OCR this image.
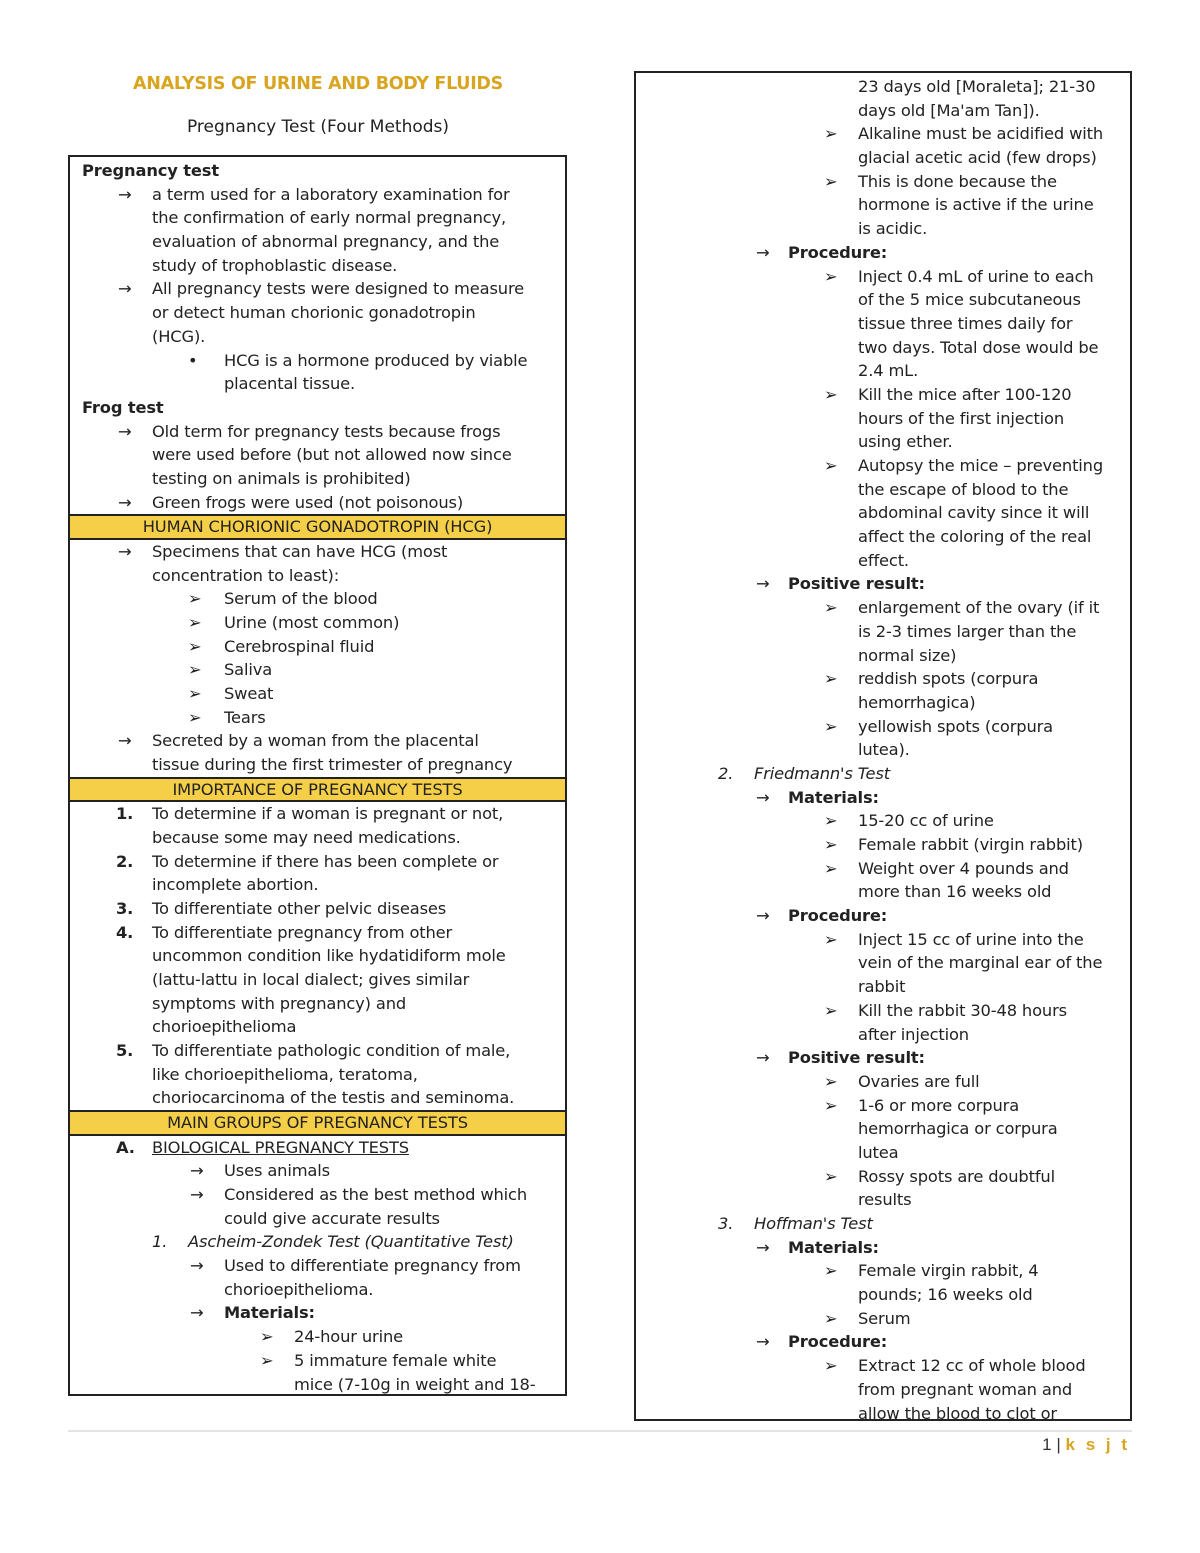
ANALYSIS OF URINE AND BODY FLUIDS
Pregnancy Test (Four Methods)
Pregnancy test
→ a term used for a laboratory examination for
the confirmation of early normal pregnancy,
evaluation of abnormal pregnancy, and the
study of trophoblastic disease.
→ All pregnancy tests were designed to measure
or detect human chorionic gonadotropin
(HCG).
• HCG is a hormone produced by viable
placental tissue.
Frog test
→ Old term for pregnancy tests because frogs
were used before (but not allowed now since
testing on animals is prohibited)
→ Green frogs were used (not poisonous)
HUMAN CHORIONIC GONADOTROPIN (HCG)
→ Specimens that can have HCG (most
concentration to least):
➢ Serum of the blood
➢ Urine (most common)
➢ Cerebrospinal fluid
➢ Saliva
➢ Sweat
➢ Tears
→ Secreted by a woman from the placental
tissue during the first trimester of pregnancy
IMPORTANCE OF PREGNANCY TESTS
1. To determine if a woman is pregnant or not,
because some may need medications.
2. To determine if there has been complete or
incomplete abortion.
3. To differentiate other pelvic diseases
4. To differentiate pregnancy from other
uncommon condition like hydatidiform mole
(lattu-lattu in local dialect; gives similar
symptoms with pregnancy) and
chorioepithelioma
5. To differentiate pathologic condition of male,
like chorioepithelioma, teratoma,
choriocarcinoma of the testis and seminoma.
MAIN GROUPS OF PREGNANCY TESTS
A. BIOLOGICAL PREGNANCY TESTS
→ Uses animals
→ Considered as the best method which
could give accurate results
1. Ascheim-Zondek Test (Quantitative Test)
→ Used to differentiate pregnancy from
chorioepithelioma.
→ Materials:
➢ 24-hour urine
➢ 5 immature female white
mice (7-10g in weight and 18-
23 days old [Moraleta]; 21-30
days old [Ma'am Tan]).
➢ Alkaline must be acidified with
glacial acetic acid (few drops)
➢ This is done because the
hormone is active if the urine
is acidic.
→ Procedure:
➢ Inject 0.4 mL of urine to each
of the 5 mice subcutaneous
tissue three times daily for
two days. Total dose would be
2.4 mL.
➢ Kill the mice after 100-120
hours of the first injection
using ether.
➢ Autopsy the mice – preventing
the escape of blood to the
abdominal cavity since it will
affect the coloring of the real
effect.
→ Positive result:
➢ enlargement of the ovary (if it
is 2-3 times larger than the
normal size)
➢ reddish spots (corpura
hemorrhagica)
➢ yellowish spots (corpura
lutea).
2. Friedmann's Test
→ Materials:
➢ 15-20 cc of urine
➢ Female rabbit (virgin rabbit)
➢ Weight over 4 pounds and
more than 16 weeks old
→ Procedure:
➢ Inject 15 cc of urine into the
vein of the marginal ear of the
rabbit
➢ Kill the rabbit 30-48 hours
after injection
→ Positive result:
➢ Ovaries are full
➢ 1-6 or more corpura
hemorrhagica or corpura
lutea
➢ Rossy spots are doubtful
results
3. Hoffman's Test
→ Materials:
➢ Female virgin rabbit, 4
pounds; 16 weeks old
➢ Serum
→ Procedure:
➢ Extract 12 cc of whole blood
from pregnant woman and
allow the blood to clot or
1 | k s j t
